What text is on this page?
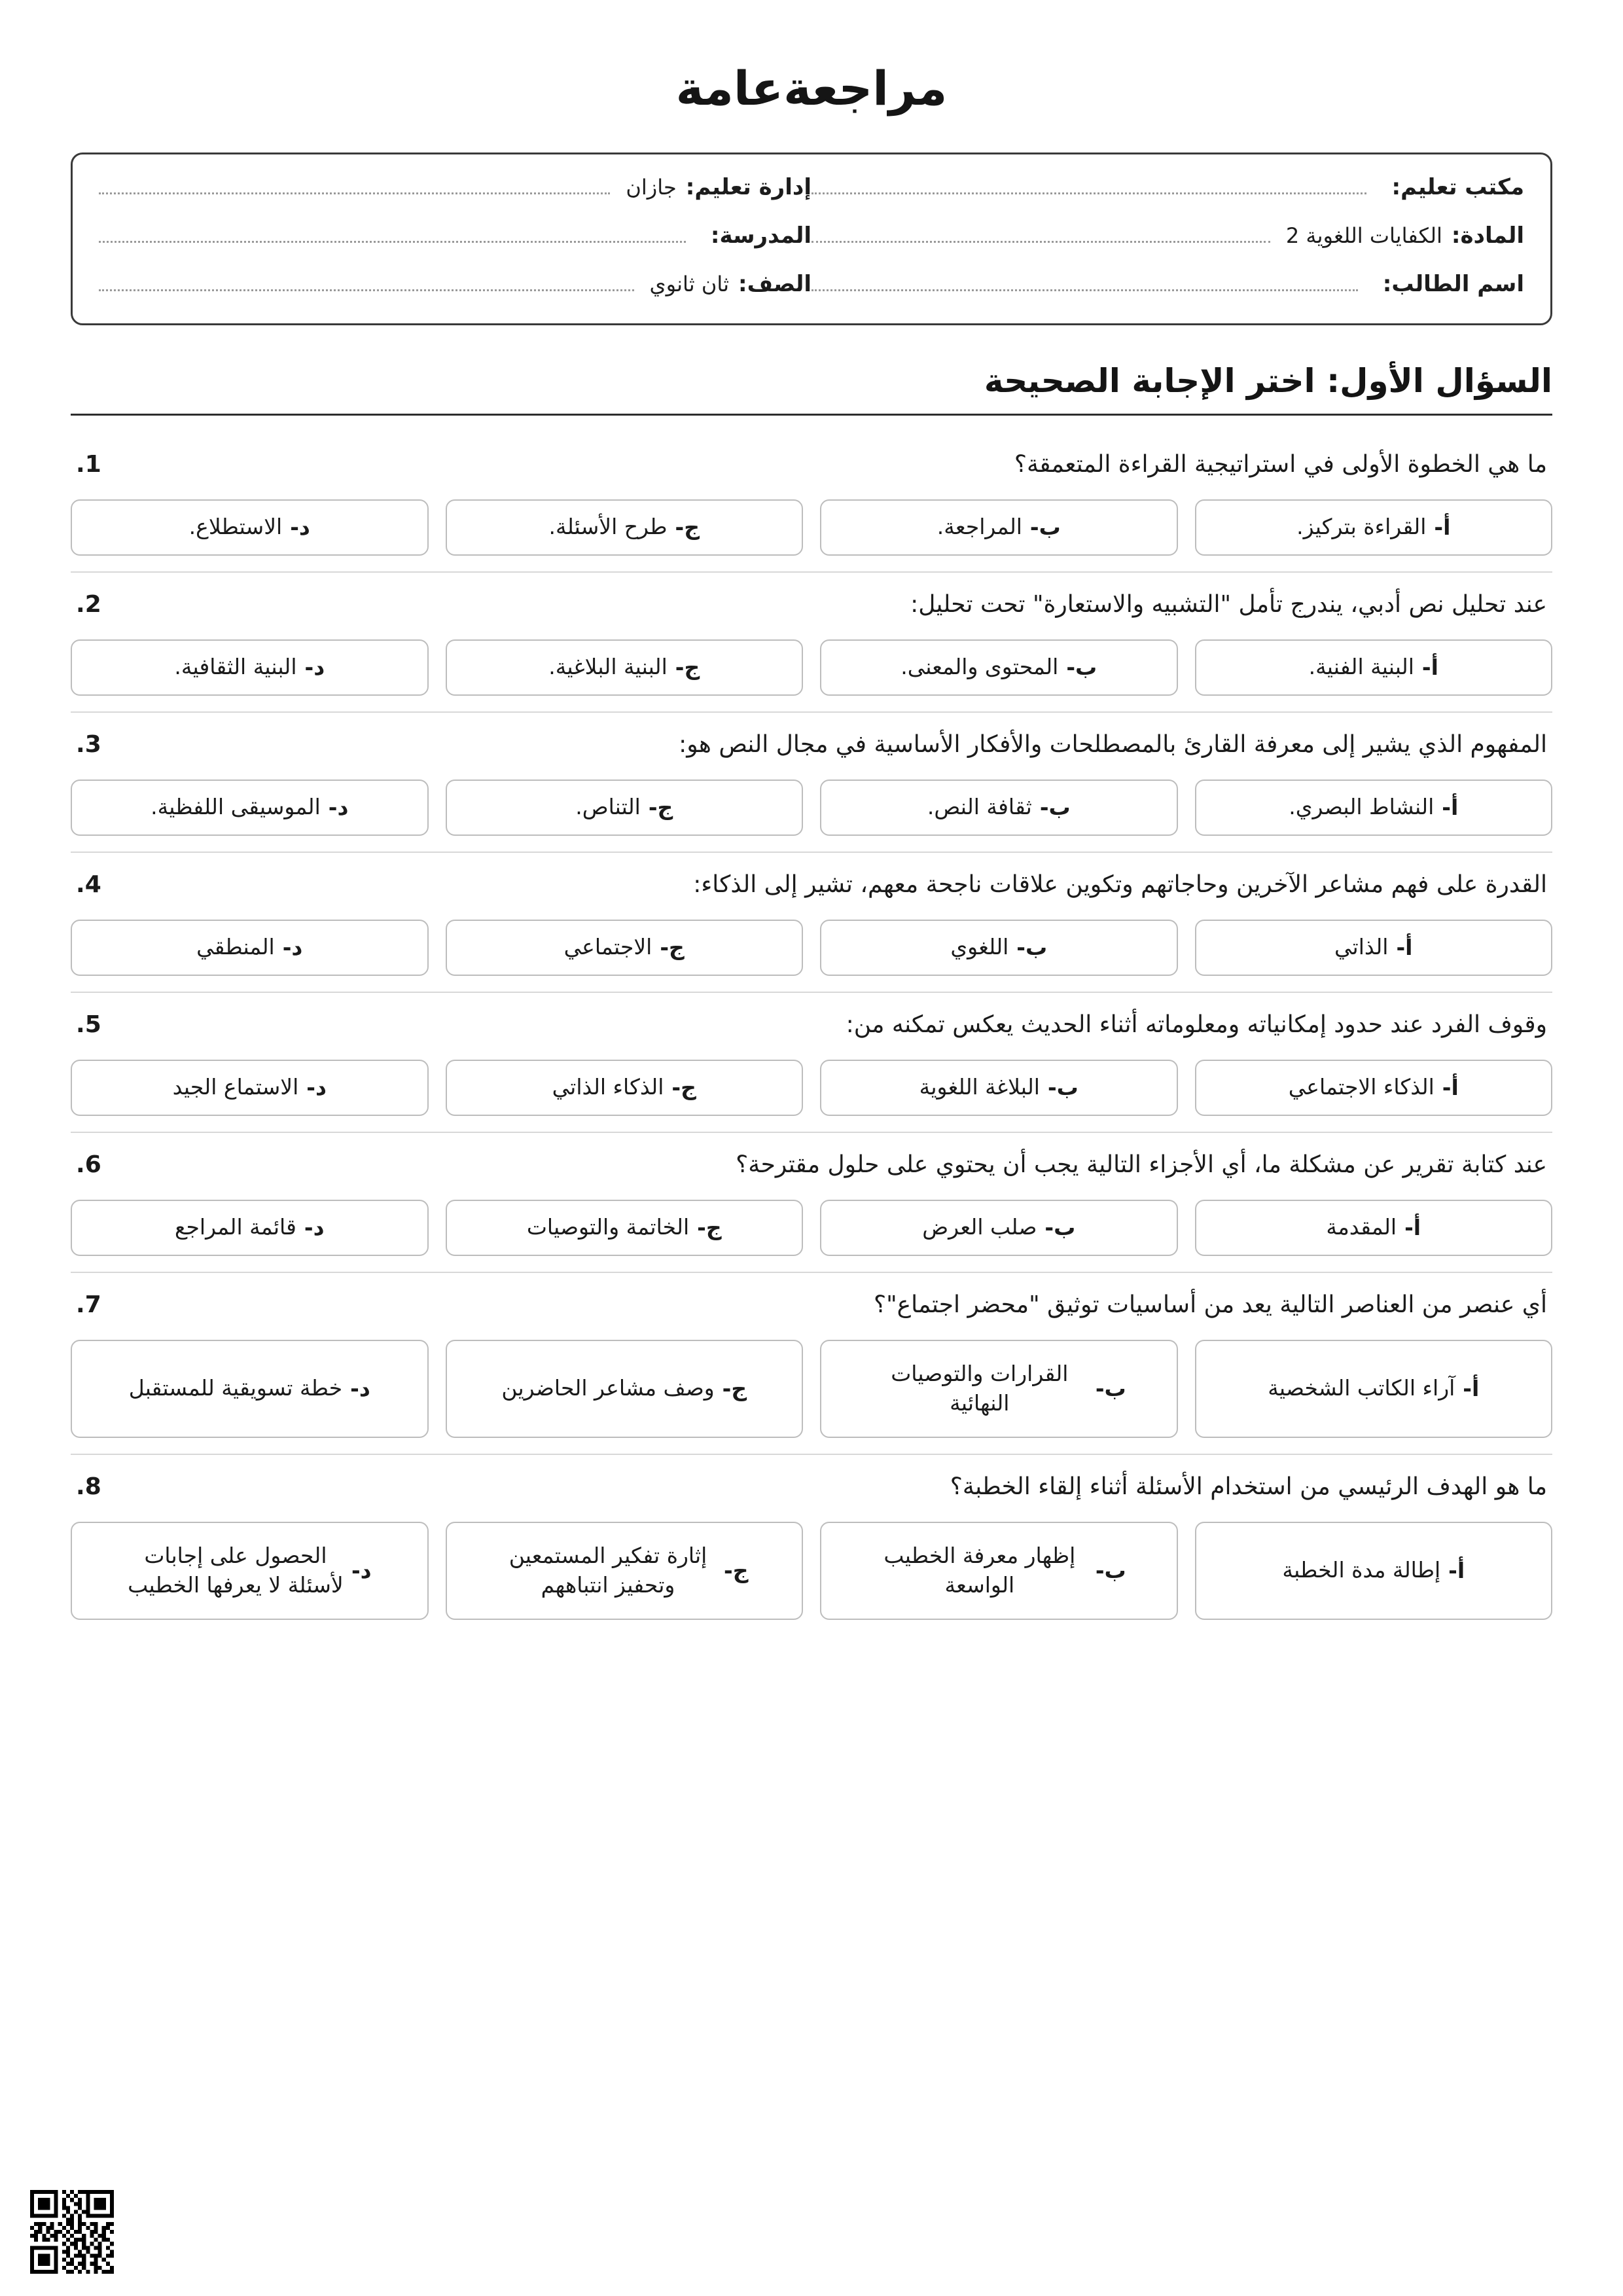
مراجعةعامة
مكتب تعليم:
إدارة تعليم:
جازان
المادة:
الكفايات اللغوية 2
المدرسة:
اسم الطالب:
الصف:
ثان ثانوي
السؤال الأول: اختر الإجابة الصحيحة
1.	ما هي الخطوة الأولى في استراتيجية القراءة المتعمقة؟
أ-
القراءة بتركيز.
ب-
المراجعة.
ج-
طرح الأسئلة.
د-
الاستطلاع.
2.	عند تحليل نص أدبي، يندرج تأمل "التشبيه والاستعارة" تحت تحليل:
أ-
البنية الفنية.
ب-
المحتوى والمعنى.
ج-
البنية البلاغية.
د-
البنية الثقافية.
3.	المفهوم الذي يشير إلى معرفة القارئ بالمصطلحات والأفكار الأساسية في مجال النص هو:
أ-
النشاط البصري.
ب-
ثقافة النص.
ج-
التناص.
د-
الموسيقى اللفظية.
4.	القدرة على فهم مشاعر الآخرين وحاجاتهم وتكوين علاقات ناجحة معهم، تشير إلى الذكاء:
أ-
الذاتي
ب-
اللغوي
ج-
الاجتماعي
د-
المنطقي
5.	وقوف الفرد عند حدود إمكانياته ومعلوماته أثناء الحديث يعكس تمكنه من:
أ-
الذكاء الاجتماعي
ب-
البلاغة اللغوية
ج-
الذكاء الذاتي
د-
الاستماع الجيد
6.	عند كتابة تقرير عن مشكلة ما، أي الأجزاء التالية يجب أن يحتوي على حلول مقترحة؟
أ-
المقدمة
ب-
صلب العرض
ج-
الخاتمة والتوصيات
د-
قائمة المراجع
7.	أي عنصر من العناصر التالية يعد من أساسيات توثيق "محضر اجتماع"؟
أ-
آراء الكاتب الشخصية
ب-
القرارات والتوصيات النهائية
ج-
وصف مشاعر الحاضرين
د-
خطة تسويقية للمستقبل
8.	ما هو الهدف الرئيسي من استخدام الأسئلة أثناء إلقاء الخطبة؟
أ-
إطالة مدة الخطبة
ب-
إظهار معرفة الخطيب الواسعة
ج-
إثارة تفكير المستمعين وتحفيز انتباههم
د-
الحصول على إجابات لأسئلة لا يعرفها الخطيب
